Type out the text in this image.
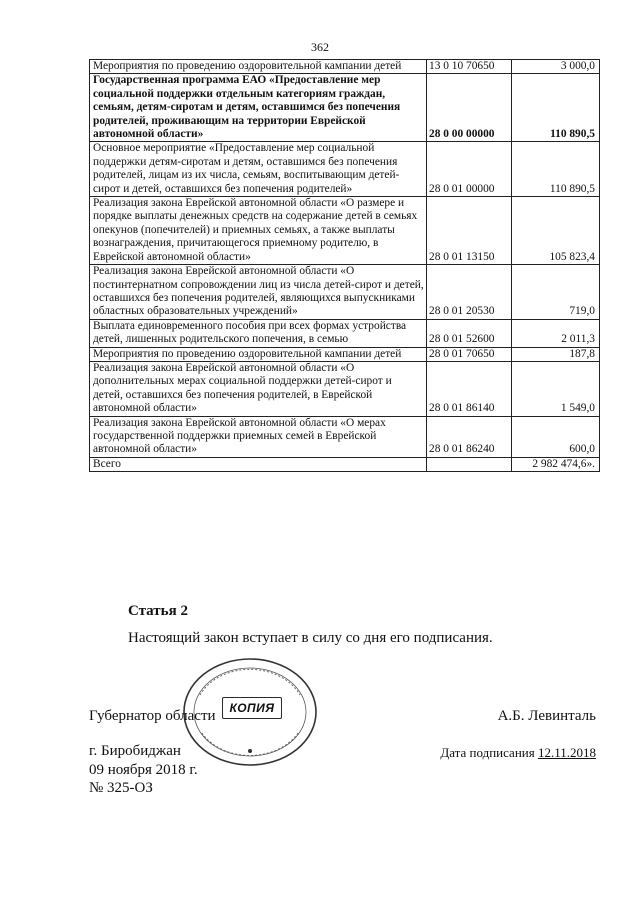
362
Мероприятия по проведению оздоровительной кампании детей	13 0 10 70650	3 000,0
Государственная программа ЕАО «Предоставление мер социальной поддержки отдельным категориям граждан, семьям, детям-сиротам и детям, оставшимся без попечения родителей, проживающим на территории Еврейской автономной области»	28 0 00 00000	110 890,5
Основное мероприятие «Предоставление мер социальной поддержки детям-сиротам и детям, оставшимся без попечения родителей, лицам из их числа, семьям, воспитывающим детей-сирот и детей, оставшихся без попечения родителей»	28 0 01 00000	110 890,5
Реализация закона Еврейской автономной области «О размере и порядке выплаты денежных средств на содержание детей в семьях опекунов (попечителей) и приемных семьях, а также выплаты вознаграждения, причитающегося приемному родителю, в Еврейской автономной области»	28 0 01 13150	105 823,4
Реализация закона Еврейской автономной области «О постинтернатном сопровождении лиц из числа детей-сирот и детей, оставшихся без попечения родителей, являющихся выпускниками областных образовательных учреждений»	28 0 01 20530	719,0
Выплата единовременного пособия при всех формах устройства детей, лишенных родительского попечения, в семью	28 0 01 52600	2 011,3
Мероприятия по проведению оздоровительной кампании детей	28 0 01 70650	187,8
Реализация закона Еврейской автономной области «О дополнительных мерах социальной поддержки детей-сирот и детей, оставшихся без попечения родителей, в Еврейской автономной области»	28 0 01 86140	1 549,0
Реализация закона Еврейской автономной области «О мерах государственной поддержки приемных семей в Еврейской автономной области»	28 0 01 86240	600,0
Всего		2 982 474,6».
Статья 2
Настоящий закон вступает в силу со дня его подписания.
КОПИЯ
Губернатор области	А.Б. Левинталь
г. Биробиджан
09 ноября 2018 г.
№ 325-ОЗ
Дата подписания 12.11.2018
